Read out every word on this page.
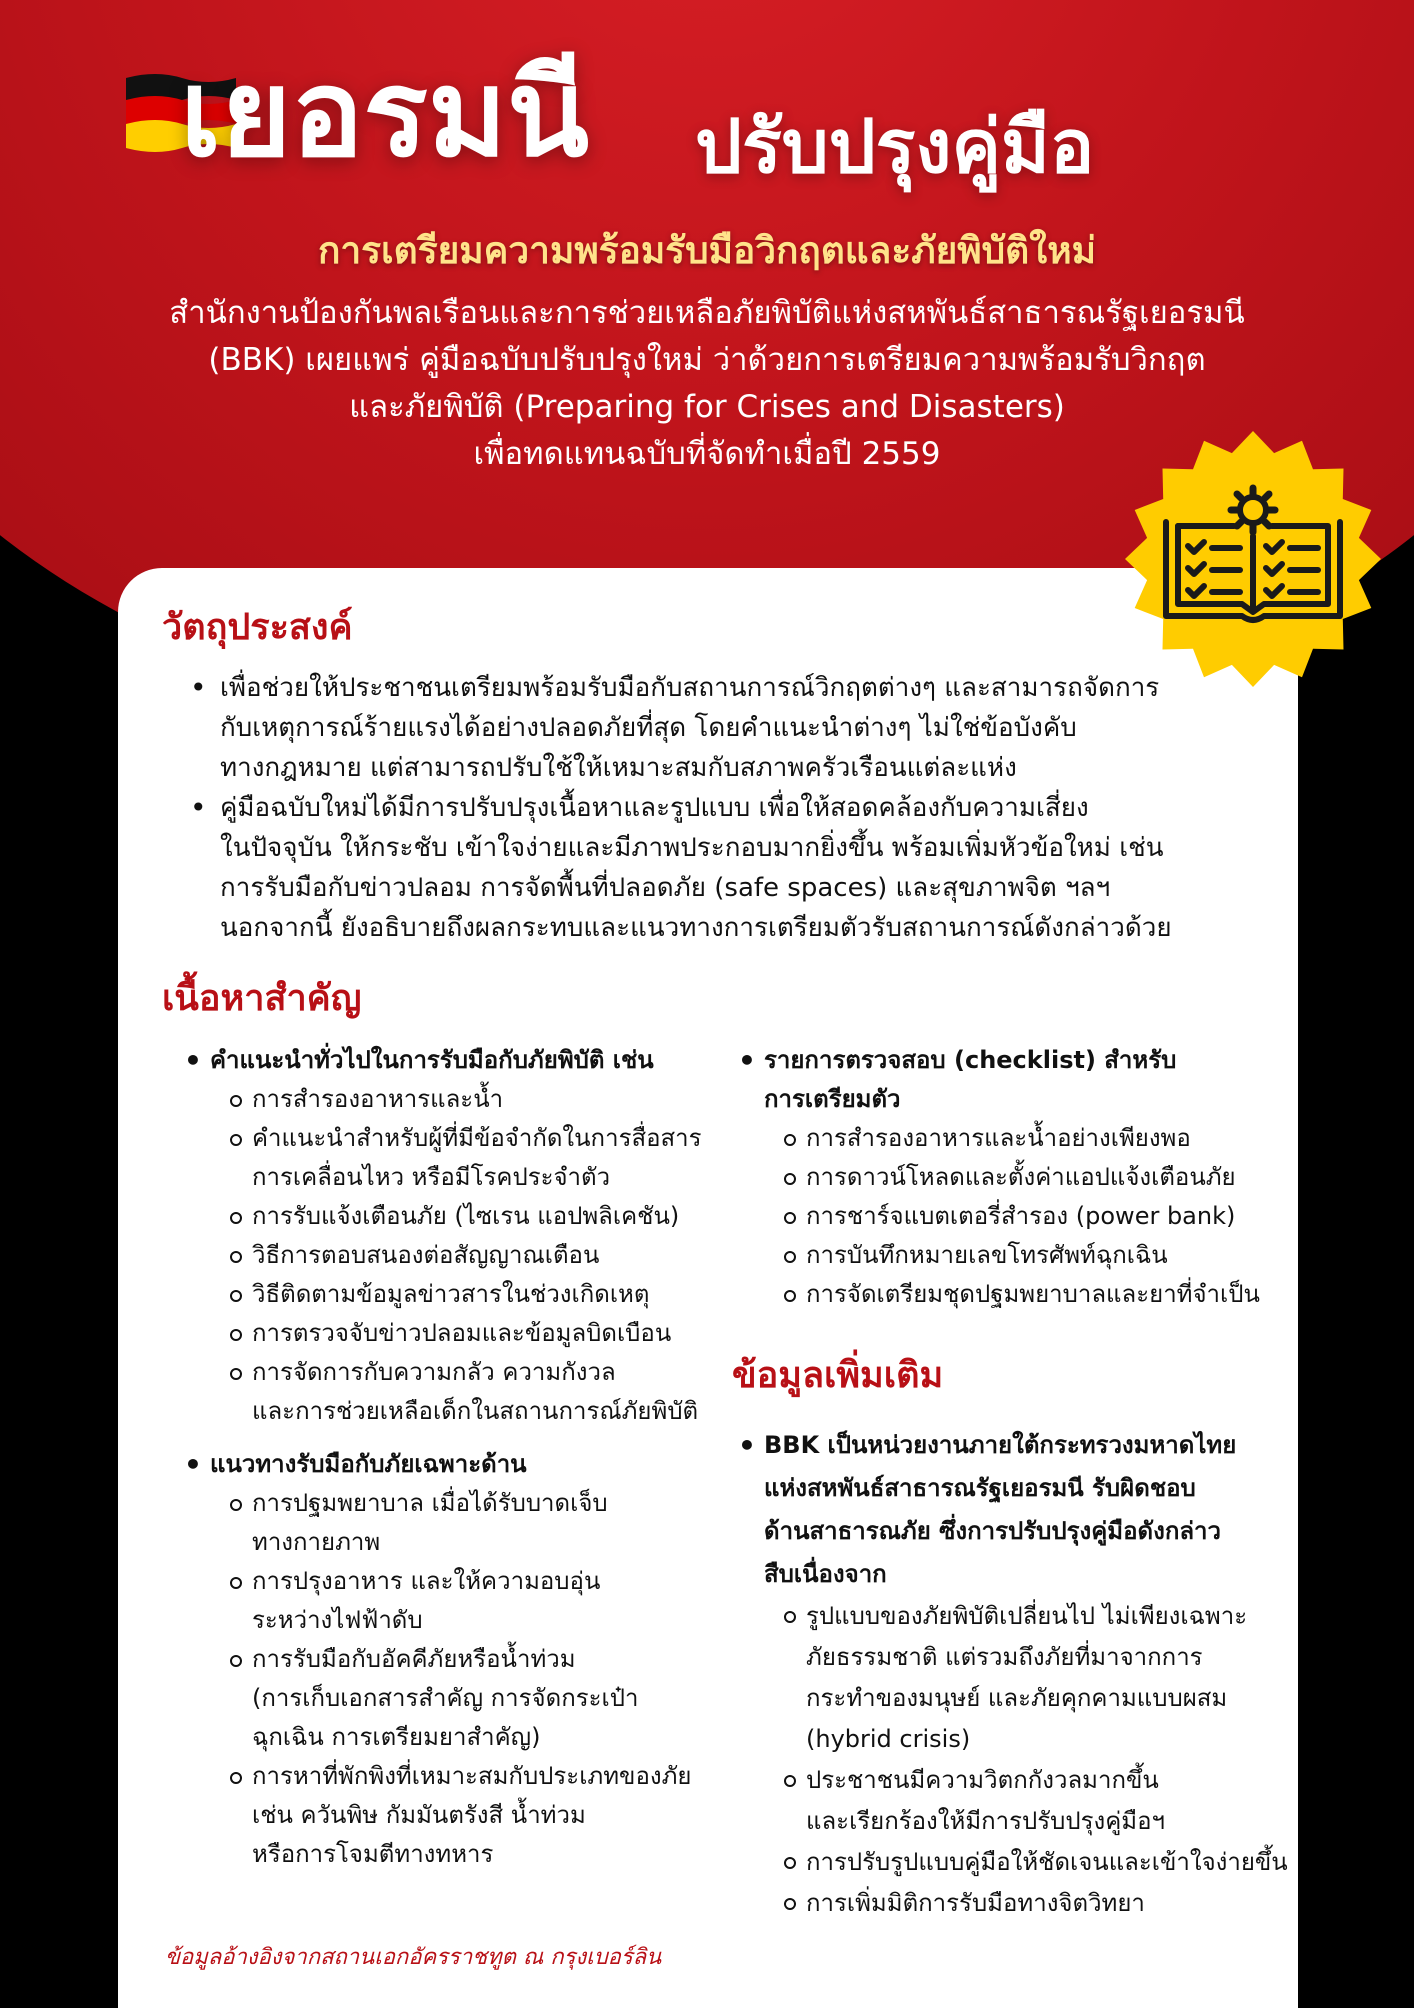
เยอรมนี ปรับปรุงคู่มือ
การเตรียมความพร้อมรับมือวิกฤตและภัยพิบัติใหม่
สำนักงานป้องกันพลเรือนและการช่วยเหลือภัยพิบัติแห่งสหพันธ์สาธารณรัฐเยอรมนี
(BBK) เผยแพร่ คู่มือฉบับปรับปรุงใหม่ ว่าด้วยการเตรียมความพร้อมรับวิกฤต
และภัยพิบัติ (Preparing for Crises and Disasters)
เพื่อทดแทนฉบับที่จัดทำเมื่อปี 2559
วัตถุประสงค์
• เพื่อช่วยให้ประชาชนเตรียมพร้อมรับมือกับสถานการณ์วิกฤตต่างๆ และสามารถจัดการ
กับเหตุการณ์ร้ายแรงได้อย่างปลอดภัยที่สุด โดยคำแนะนำต่างๆ ไม่ใช่ข้อบังคับ
ทางกฎหมาย แต่สามารถปรับใช้ให้เหมาะสมกับสภาพครัวเรือนแต่ละแห่ง
• คู่มือฉบับใหม่ได้มีการปรับปรุงเนื้อหาและรูปแบบ เพื่อให้สอดคล้องกับความเสี่ยง
ในปัจจุบัน ให้กระชับ เข้าใจง่ายและมีภาพประกอบมากยิ่งขึ้น พร้อมเพิ่มหัวข้อใหม่ เช่น
การรับมือกับข่าวปลอม การจัดพื้นที่ปลอดภัย (safe spaces) และสุขภาพจิต ฯลฯ
นอกจากนี้ ยังอธิบายถึงผลกระทบและแนวทางการเตรียมตัวรับสถานการณ์ดังกล่าวด้วย
เนื้อหาสำคัญ
• คำแนะนำทั่วไปในการรับมือกับภัยพิบัติ เช่น
การสำรองอาหารและน้ำ
คำแนะนำสำหรับผู้ที่มีข้อจำกัดในการสื่อสาร
การเคลื่อนไหว หรือมีโรคประจำตัว
การรับแจ้งเตือนภัย (ไซเรน แอปพลิเคชัน)
วิธีการตอบสนองต่อสัญญาณเตือน
วิธีติดตามข้อมูลข่าวสารในช่วงเกิดเหตุ
การตรวจจับข่าวปลอมและข้อมูลบิดเบือน
การจัดการกับความกลัว ความกังวล
และการช่วยเหลือเด็กในสถานการณ์ภัยพิบัติ
• แนวทางรับมือกับภัยเฉพาะด้าน
การปฐมพยาบาล เมื่อได้รับบาดเจ็บ
ทางกายภาพ
การปรุงอาหาร และให้ความอบอุ่น
ระหว่างไฟฟ้าดับ
การรับมือกับอัคคีภัยหรือน้ำท่วม
(การเก็บเอกสารสำคัญ การจัดกระเป๋า
ฉุกเฉิน การเตรียมยาสำคัญ)
การหาที่พักพิงที่เหมาะสมกับประเภทของภัย
เช่น ควันพิษ กัมมันตรังสี น้ำท่วม
หรือการโจมตีทางทหาร
• รายการตรวจสอบ (checklist) สำหรับ
การเตรียมตัว
การสำรองอาหารและน้ำอย่างเพียงพอ
การดาวน์โหลดและตั้งค่าแอปแจ้งเตือนภัย
การชาร์จแบตเตอรี่สำรอง (power bank)
การบันทึกหมายเลขโทรศัพท์ฉุกเฉิน
การจัดเตรียมชุดปฐมพยาบาลและยาที่จำเป็น
ข้อมูลเพิ่มเติม
• BBK เป็นหน่วยงานภายใต้กระทรวงมหาดไทย
แห่งสหพันธ์สาธารณรัฐเยอรมนี รับผิดชอบ
ด้านสาธารณภัย ซึ่งการปรับปรุงคู่มือดังกล่าว
สืบเนื่องจาก
รูปแบบของภัยพิบัติเปลี่ยนไป ไม่เพียงเฉพาะ
ภัยธรรมชาติ แต่รวมถึงภัยที่มาจากการ
กระทำของมนุษย์ และภัยคุกคามแบบผสม
(hybrid crisis)
ประชาชนมีความวิตกกังวลมากขึ้น
และเรียกร้องให้มีการปรับปรุงคู่มือฯ
การปรับรูปแบบคู่มือให้ชัดเจนและเข้าใจง่ายขึ้น
การเพิ่มมิติการรับมือทางจิตวิทยา
ข้อมูลอ้างอิงจากสถานเอกอัครราชทูต ณ กรุงเบอร์ลิน
